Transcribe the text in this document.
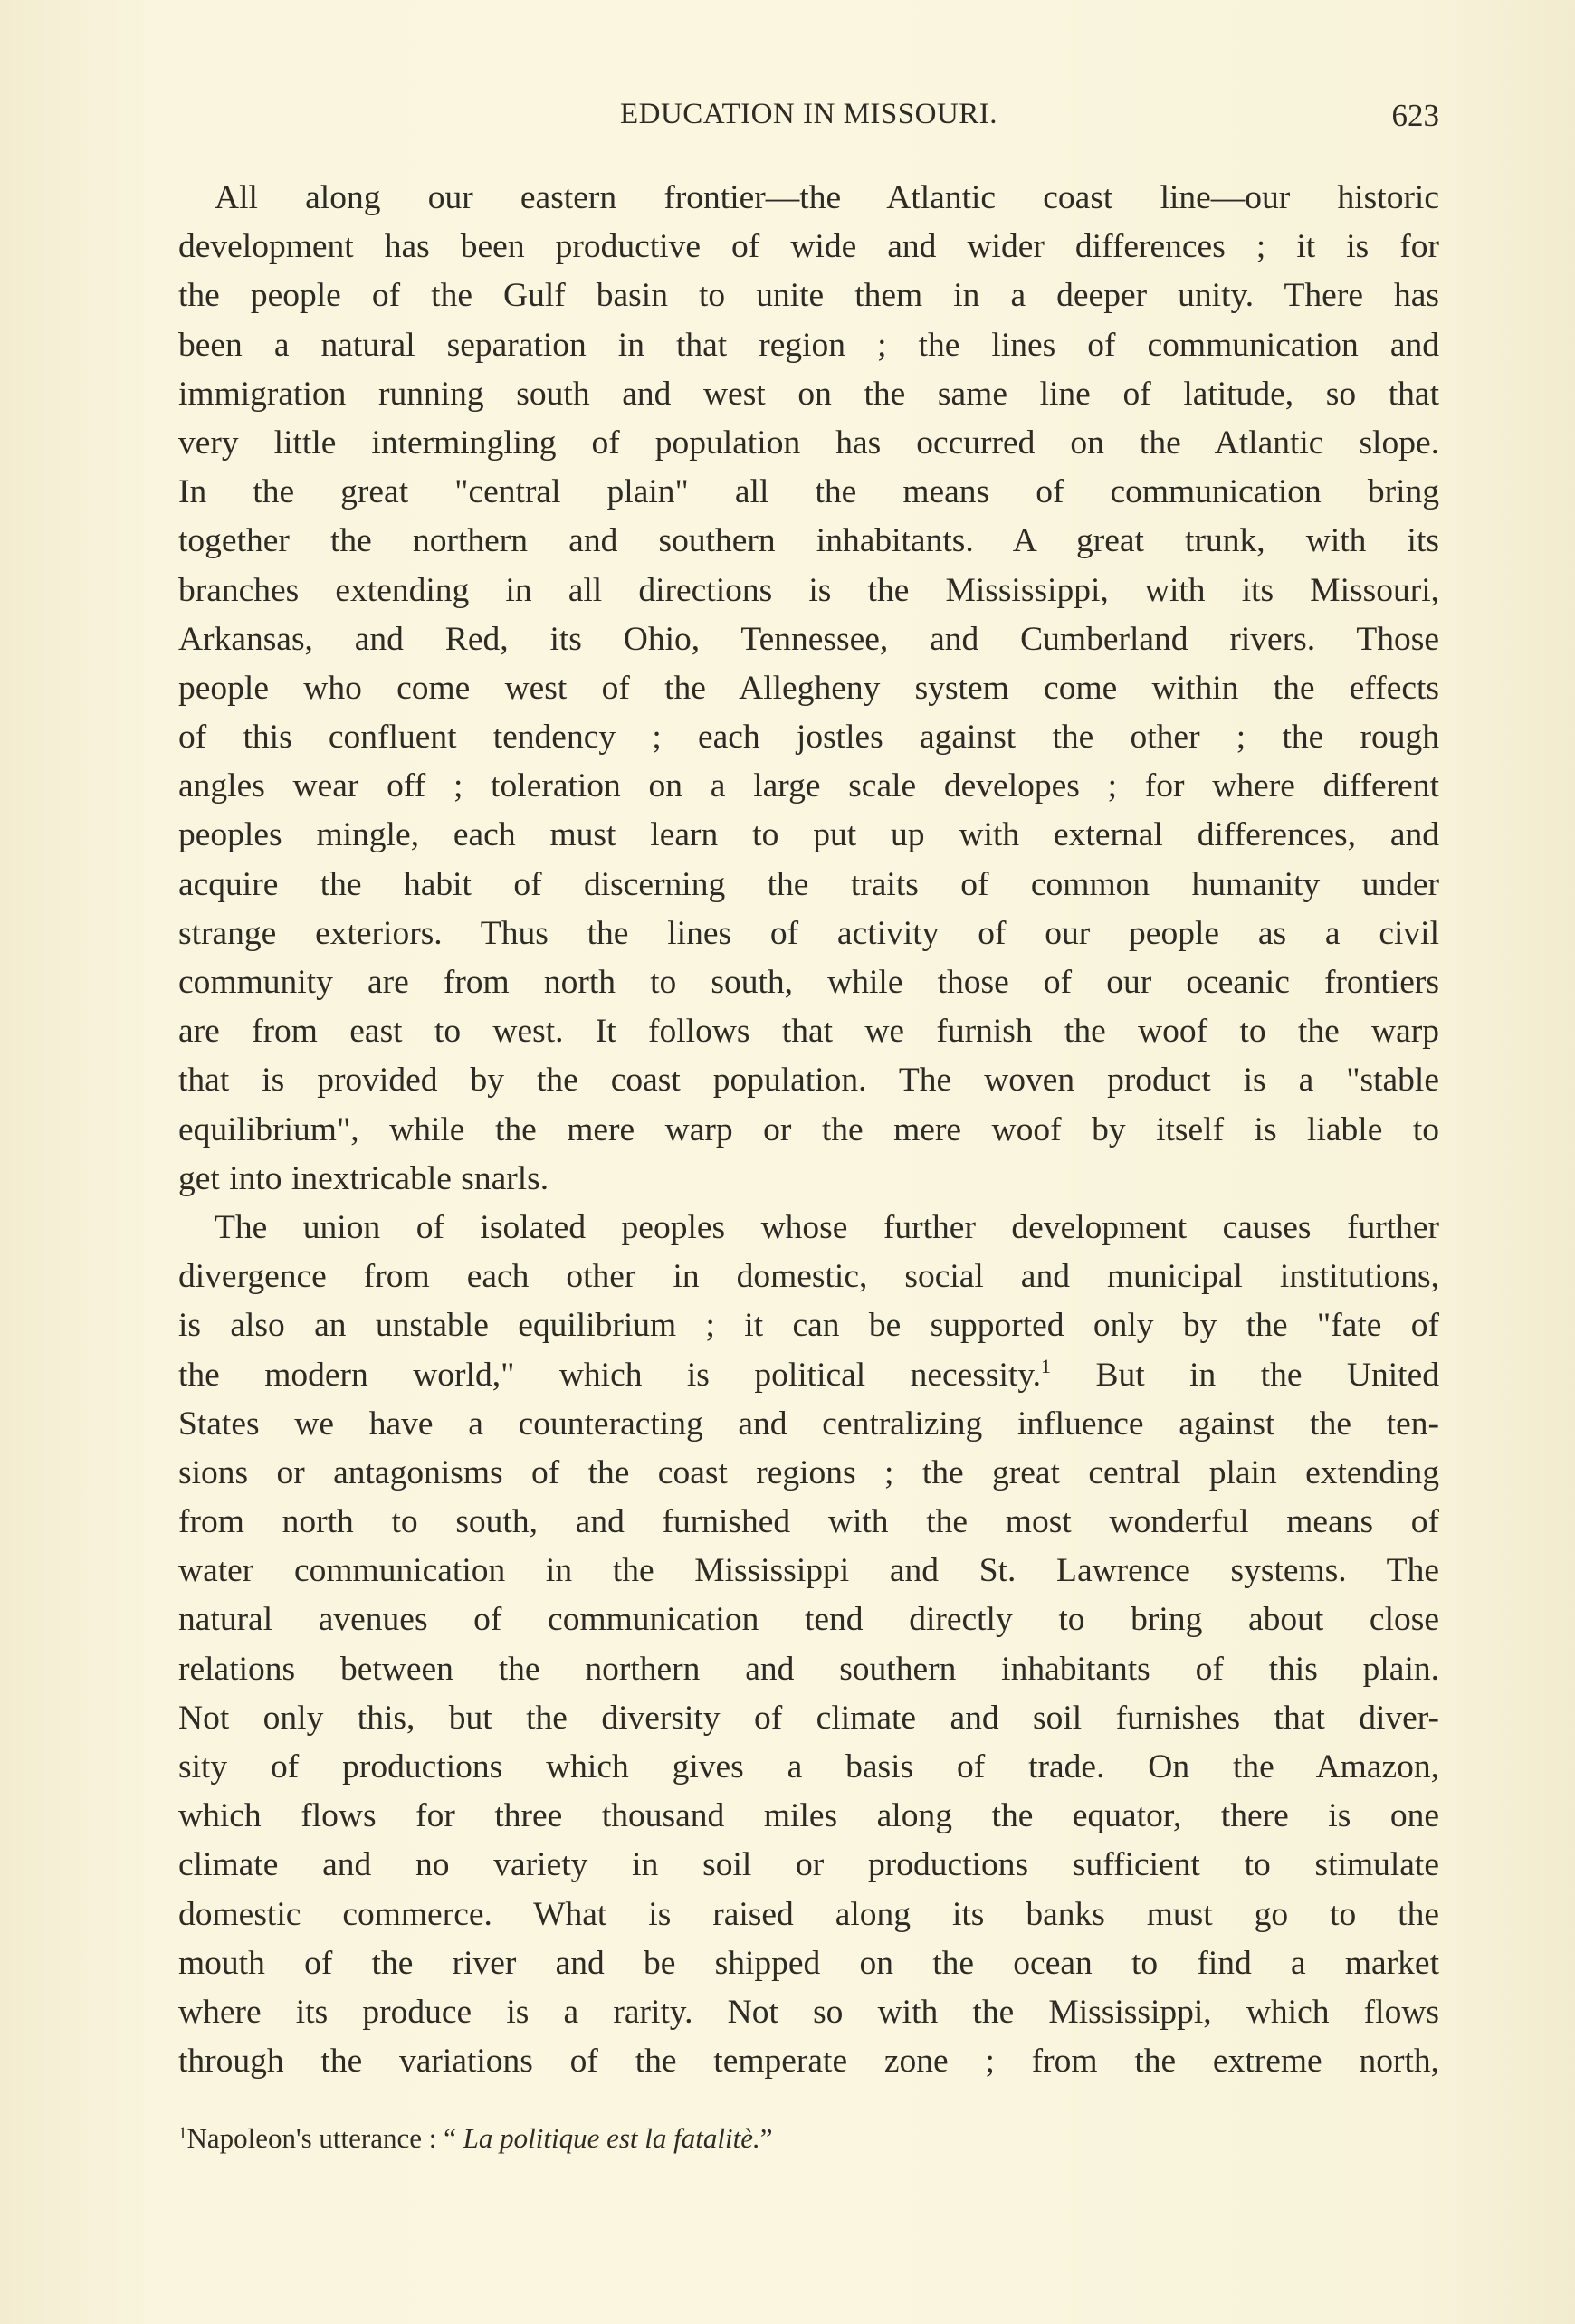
EDUCATION IN MISSOURI.	623
All along our eastern frontier—the Atlantic coast line—our historic
development has been productive of wide and wider differences ; it is for
the people of the Gulf basin to unite them in a deeper unity. There has
been a natural separation in that region ; the lines of communication and
immigration running south and west on the same line of latitude, so that
very little intermingling of population has occurred on the Atlantic slope.
In the great "central plain" all the means of communication bring
together the northern and southern inhabitants. A great trunk, with its
branches extending in all directions is the Mississippi, with its Missouri,
Arkansas, and Red, its Ohio, Tennessee, and Cumberland rivers. Those
people who come west of the Allegheny system come within the effects
of this confluent tendency ; each jostles against the other ; the rough
angles wear off ; toleration on a large scale developes ; for where different
peoples mingle, each must learn to put up with external differences, and
acquire the habit of discerning the traits of common humanity under
strange exteriors. Thus the lines of activity of our people as a civil
community are from north to south, while those of our oceanic frontiers
are from east to west. It follows that we furnish the woof to the warp
that is provided by the coast population. The woven product is a "stable
equilibrium", while the mere warp or the mere woof by itself is liable to
get into inextricable snarls.
The union of isolated peoples whose further development causes further
divergence from each other in domestic, social and municipal institutions,
is also an unstable equilibrium ; it can be supported only by the "fate of
the modern world," which is political necessity.$^1$ But in the United
States we have a counteracting and centralizing influence against the ten-
sions or antagonisms of the coast regions ; the great central plain extending
from north to south, and furnished with the most wonderful means of
water communication in the Mississippi and St. Lawrence systems. The
natural avenues of communication tend directly to bring about close
relations between the northern and southern inhabitants of this plain.
Not only this, but the diversity of climate and soil furnishes that diver-
sity of productions which gives a basis of trade. On the Amazon,
which flows for three thousand miles along the equator, there is one
climate and no variety in soil or productions sufficient to stimulate
domestic commerce. What is raised along its banks must go to the
mouth of the river and be shipped on the ocean to find a market
where its produce is a rarity. Not so with the Mississippi, which flows
through the variations of the temperate zone ; from the extreme north,
$^1$Napoleon's utterance : “ La politique est la fatalitè.”
